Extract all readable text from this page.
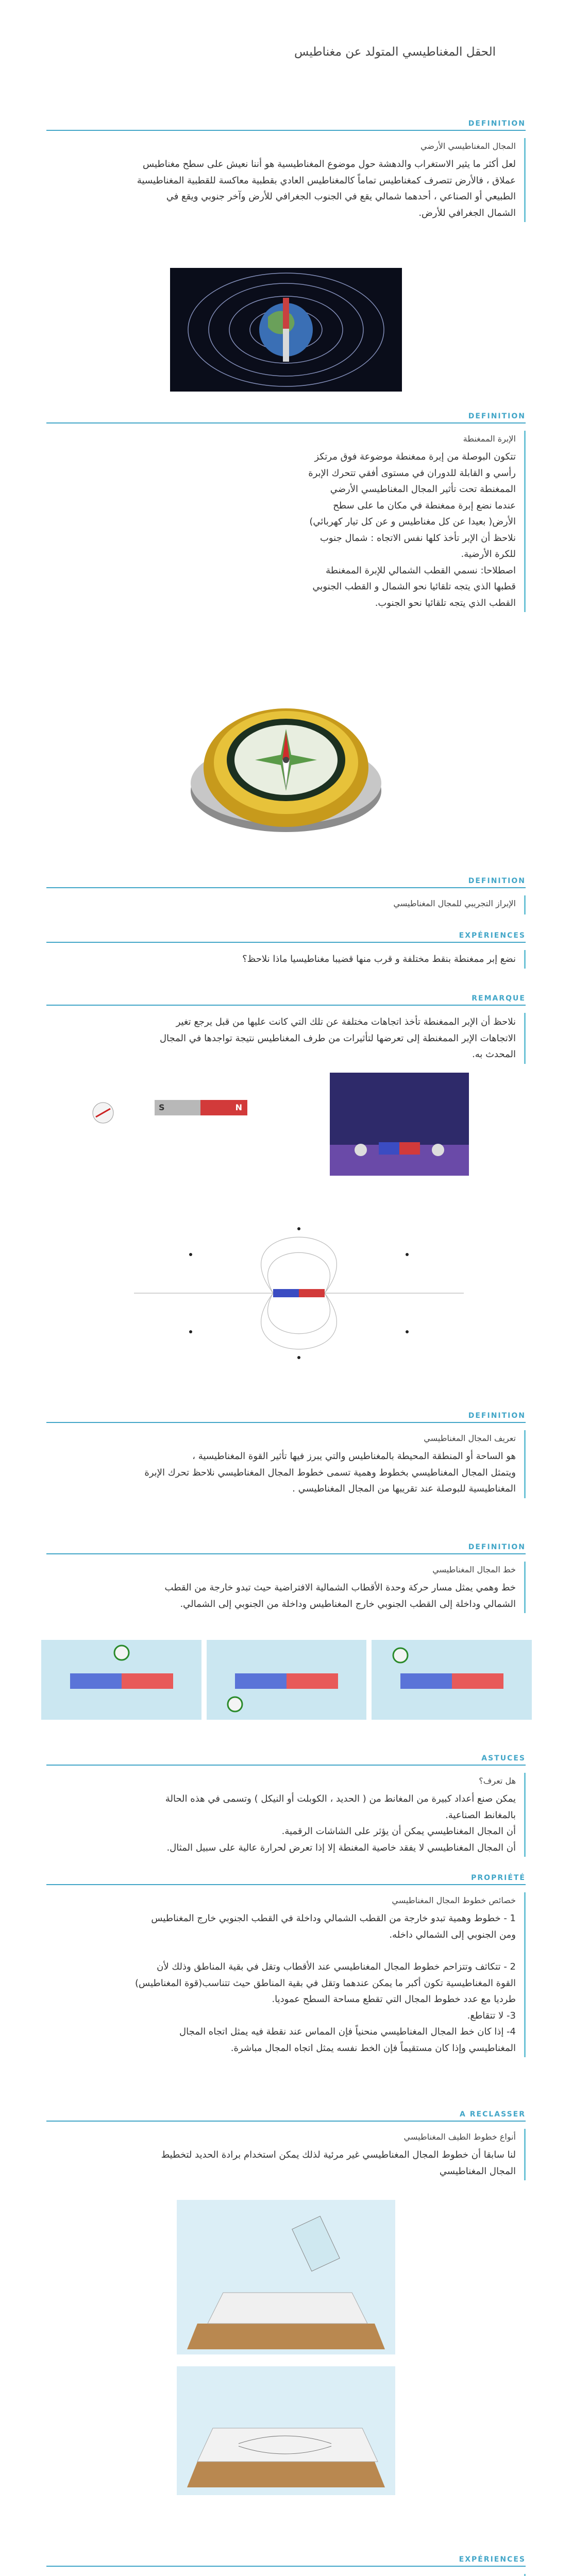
الحقل المغناطيسي المتولد عن مغناطيس
DEFINITION

المجال المغناطيسي الأرضي

لعل أكثر ما يثير الاستغراب والدهشة حول موضوع المغناطيسية هو أننا نعيش على سطح مغناطيس

عملاق ، فالأرض تتصرف كمغناطيس تماماً كالمغناطيس العادي بقطبية معاكسة للقطبية المغناطيسية

الطبيعي أو الصناعي ، أحدهما شمالي يقع في الجنوب الجغرافي للأرض وآخر جنوبي ويقع في

الشمال الجغرافي للأرض.

DEFINITION

الإبرة الممغنطة

تتكون البوصلة من إبرة ممغنطة موضوعة فوق مرتكز

رأسي و القابلة للدوران في مستوى أفقي تتحرك الإبرة

الممغنطة تحت تأثير المجال المغناطيسي الأرضي

عندما نضع إبرة ممغنطة في مكان ما على سطح

الأرض( بعيدا عن كل مغناطيس و عن كل تيار كهربائي)

نلاحظ أن الإبر تأخذ كلها نفس الاتجاه : شمال جنوب

للكرة الأرضية.

اصطلاحا: نسمي القطب الشمالي للإبرة الممغنطة

قطبها الذي يتجه تلقائيا نحو الشمال و القطب الجنوبي

القطب الذي يتجه تلقائيا نحو الجنوب.

DEFINITION

الإبراز التجريبي للمجال المغناطيسي
EXPÉRIENCES

نضع إبر ممغنطة بنقط مختلفة و قرب منها قضيبا مغناطيسيا ماذا نلاحظ؟

REMARQUE

نلاحظ أن الإبر الممغنطة تأخذ اتجاهات مختلفة عن تلك التي كانت عليها من قبل يرجع تغير

الاتجاهات الإبر الممغنطة إلى تعرضها لتأثيرات من طرف المغناطيس نتيجة تواجدها في المجال

المحدث به.

S	N
DEFINITION

تعريف المجال المغناطيسي

هو الساحة أو المنطقة المحيطة بالمغناطيس والتي يبرز فيها تأثير القوة المغناطيسية ،

ويتمثل المجال المغناطيسي بخطوط وهمية تسمى خطوط المجال المغناطيسي نلاحظ تحرك الإبرة

المغناطيسية للبوصلة عند تقريبها من المجال المغناطيسي .

DEFINITION

خط المجال المغناطيسي

خط وهمي يمثل مسار حركة وحدة الأقطاب الشمالية الافتراضية حيث تبدو خارجة من القطب

الشمالي وداخلة إلى القطب الجنوبي خارج المغناطيس وداخلة من الجنوبي إلى الشمالي.

ASTUCES

هل تعرف؟

يمكن صنع أعداد كبيرة من المغانط من ( الحديد ، الكوبلت أو النيكل ) وتسمى في هذه الحالة

بالمغانط الصناعية.

أن المجال المغناطيسي يمكن أن يؤثر على الشاشات الرقمية.

أن المجال المغناطيسي لا يفقد خاصية المغنطة إلا إذا تعرض لحرارة عالية على سبيل المثال.

PROPRIÉTÉ

خصائص خطوط المجال المغناطيسي

1 - خطوط وهمية تبدو خارجة من القطب الشمالي وداخلة في القطب الجنوبي خارج المغناطيس

ومن الجنوبي إلى الشمالي داخله.

2 - تتكاثف وتتزاحم خطوط المجال المغناطيسي عند الأقطاب وتقل في بقية المناطق وذلك لأن

القوة المغناطيسية تكون أكبر ما يمكن عندهما وتقل في بقية المناطق حيث تتناسب(قوة المغناطيس)

طرديا مع عدد خطوط المجال التي تقطع مساحة السطح عموديا.

3- لا تتقاطع.

4- إذا كان خط المجال المغناطيسي منحنياً فإن المماس عند نقطة فيه يمثل اتجاه المجال

المغناطيسي وإذا كان مستقيماً فإن الخط نفسه يمثل اتجاه المجال مباشرة.

A RECLASSER

أنواع خطوط الطيف المغناطيسي

لنا سابقا أن خطوط المجال المغناطيسي غير مرئية لذلك يمكن استخدام برادة الحديد لتخطيط

المجال المغناطيسي

EXPÉRIENCES
